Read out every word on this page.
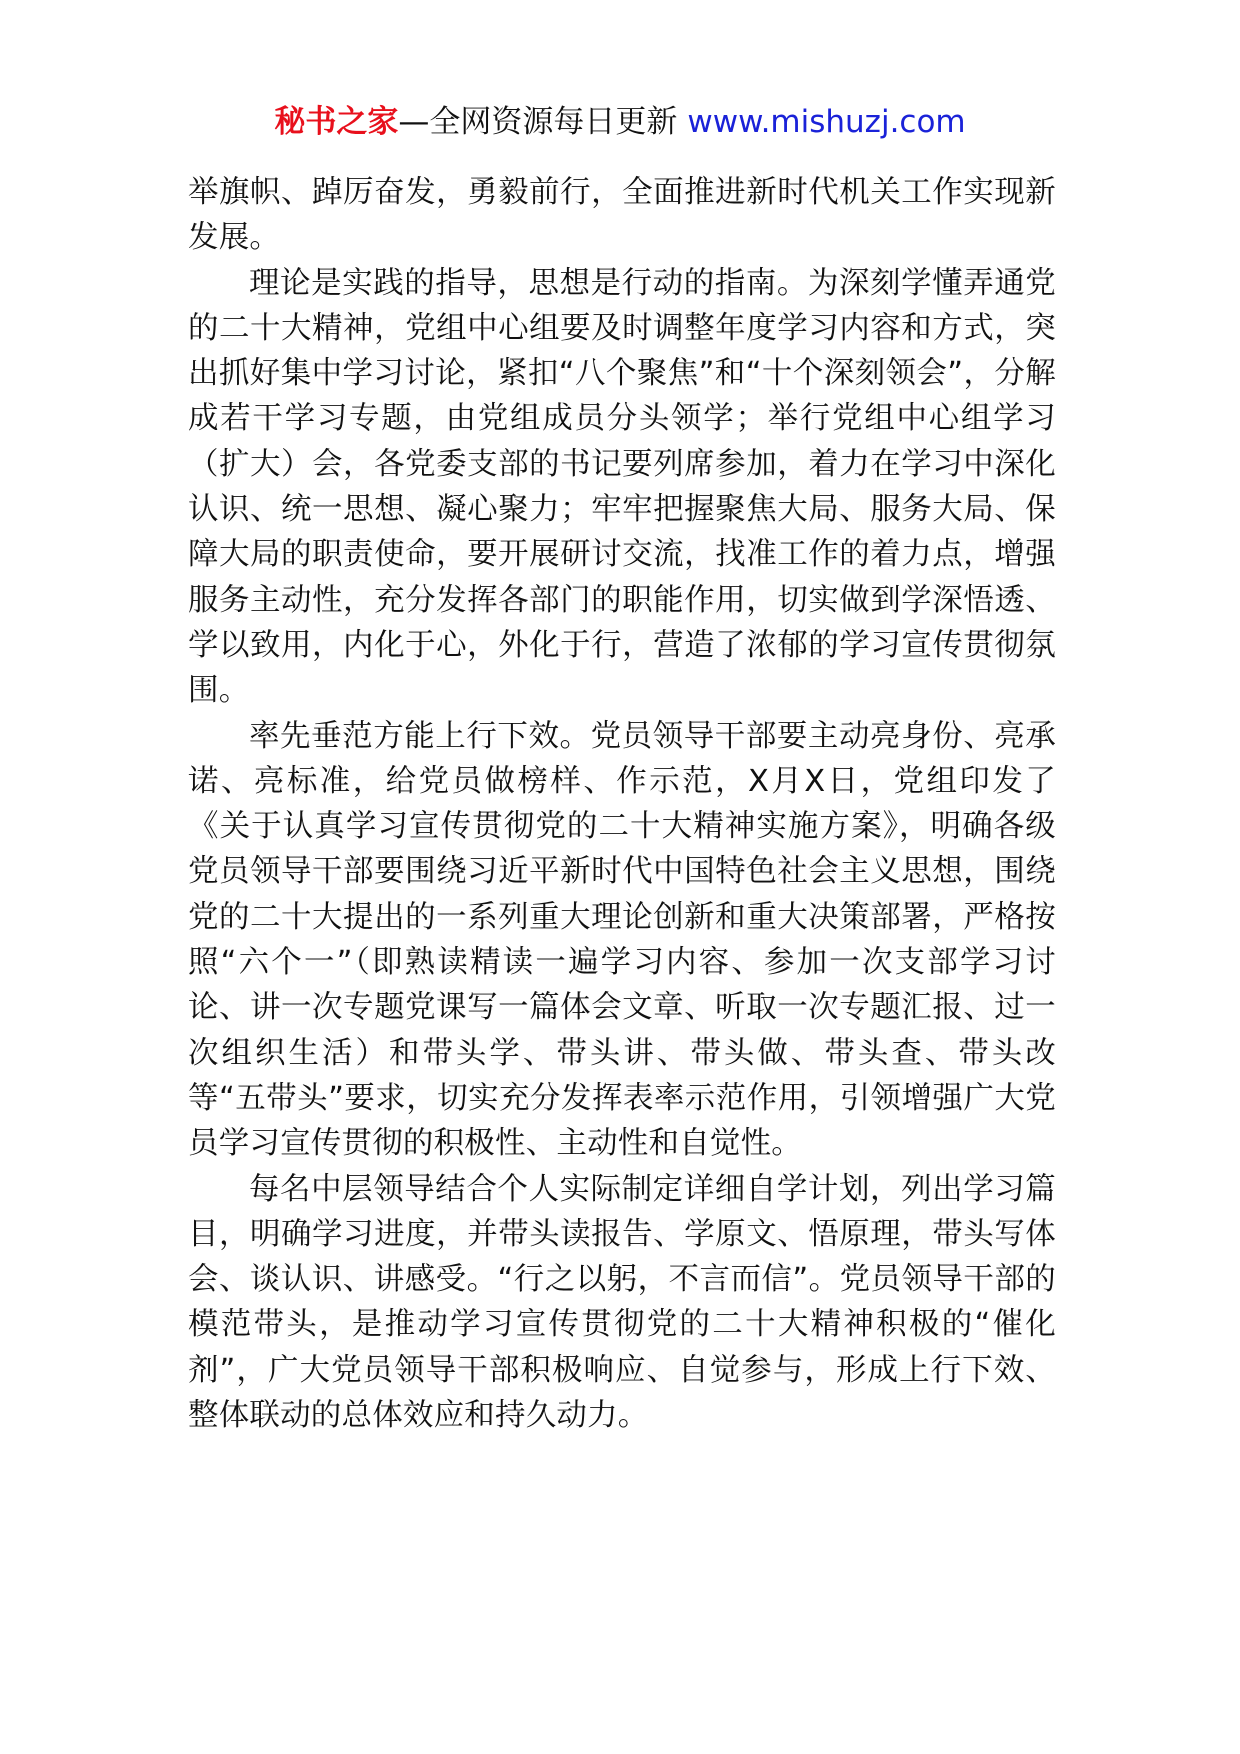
秘书之家—全网资源每日更新 www.mishuzj.com

举旗帜、踔厉奋发，勇毅前行，全面推进新时代机关工作实现新发展。

理论是实践的指导，思想是行动的指南。为深刻学懂弄通党的二十大精神，党组中心组要及时调整年度学习内容和方式，突出抓好集中学习讨论，紧扣“八个聚焦”和“十个深刻领会”，分解成若干学习专题，由党组成员分头领学；举行党组中心组学习（扩大）会，各党委支部的书记要列席参加，着力在学习中深化认识、统一思想、凝心聚力；牢牢把握聚焦大局、服务大局、保障大局的职责使命，要开展研讨交流，找准工作的着力点，增强服务主动性，充分发挥各部门的职能作用，切实做到学深悟透、学以致用，内化于心，外化于行，营造了浓郁的学习宣传贯彻氛围。

率先垂范方能上行下效。党员领导干部要主动亮身份、亮承诺、亮标准，给党员做榜样、作示范，X月X日，党组印发了《关于认真学习宣传贯彻党的二十大精神实施方案》，明确各级党员领导干部要围绕习近平新时代中国特色社会主义思想，围绕党的二十大提出的一系列重大理论创新和重大决策部署，严格按照“六个一”（即熟读精读一遍学习内容、参加一次支部学习讨论、讲一次专题党课写一篇体会文章、听取一次专题汇报、过一次组织生活）和带头学、带头讲、带头做、带头查、带头改等“五带头”要求，切实充分发挥表率示范作用，引领增强广大党员学习宣传贯彻的积极性、主动性和自觉性。

每名中层领导结合个人实际制定详细自学计划，列出学习篇目，明确学习进度，并带头读报告、学原文、悟原理，带头写体会、谈认识、讲感受。“行之以躬，不言而信”。党员领导干部的模范带头，是推动学习宣传贯彻党的二十大精神积极的“催化剂”，广大党员领导干部积极响应、自觉参与，形成上行下效、整体联动的总体效应和持久动力。
